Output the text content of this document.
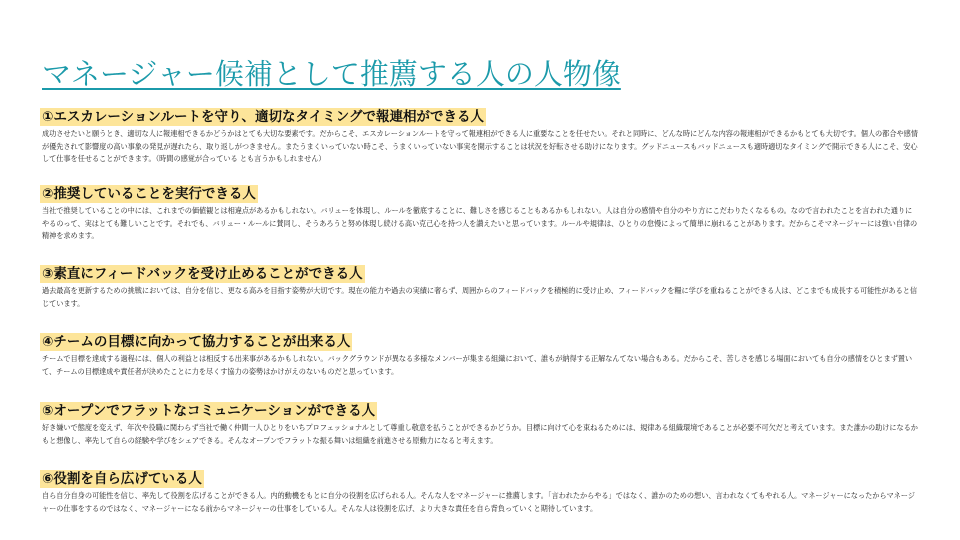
マネージャー候補として推薦する人の人物像
①エスカレーションルートを守り、適切なタイミングで報連相ができる人
成功させたいと願うとき、適切な人に報連相できるかどうかはとても大切な要素です。だからこそ、エスカレーションルートを守って報連相ができる人に重要なことを任せたい。それと同時に、どんな時にどんな内容の報連相ができるかもとても大切です。個人の都合や感情が優先されて影響度の高い事象の発見が遅れたら、取り返しがつきません。またうまくいっていない時こそ、うまくいっていない事実を開示することは状況を好転させる助けになります。グッドニュースもバッドニュースも適時適切なタイミングで開示できる人にこそ、安心して仕事を任せることができます。（時間の感覚が合っている とも言うかもしれません）
②推奨していることを実行できる人
当社で推奨していることの中には、これまでの価値観とは相違点があるかもしれない。バリューを体現し、ルールを徹底することに、難しさを感じることもあるかもしれない。人は自分の感情や自分のやり方にこだわりたくなるもの。なので言われたことを言われた通りにやるのって、実はとても難しいことです。それでも、バリュー・ルールに賛同し、そうあろうと努め体現し続ける高い克己心を持つ人を讃えたいと思っています。ルールや規律は、ひとりの怠慢によって簡単に崩れることがあります。だからこそマネージャーには強い自律の精神を求めます。
③素直にフィードバックを受け止めることができる人
過去最高を更新するための挑戦においては、自分を信じ、更なる高みを目指す姿勢が大切です。現在の能力や過去の実績に奢らず、周囲からのフィードバックを積極的に受け止め、フィードバックを糧に学びを重ねることができる人は、どこまでも成長する可能性があると信じています。
④チームの目標に向かって協力することが出来る人
チームで目標を達成する過程には、個人の利益とは相反する出来事があるかもしれない。バックグラウンドが異なる多様なメンバーが集まる組織において、誰もが納得する正解なんてない場合もある。だからこそ、苦しさを感じる場面においても自分の感情をひとまず置いて、チームの目標達成や責任者が決めたことに力を尽くす協力の姿勢はかけがえのないものだと思っています。
⑤オープンでフラットなコミュニケーションができる人
好き嫌いで態度を変えず、年次や役職に関わらず当社で働く仲間一人ひとりをいちプロフェッショナルとして尊重し敬意を払うことができるかどうか。目標に向けて心を束ねるためには、規律ある組織環境であることが必要不可欠だと考えています。また誰かの助けになるかもと想像し、率先して自らの経験や学びをシェアできる。そんなオープンでフラットな振る舞いは組織を前進させる原動力になると考えます。
⑥役割を自ら広げている人
自ら自分自身の可能性を信じ、率先して役割を広げることができる人。内的動機をもとに自分の役割を広げられる人。そんな人をマネージャーに推薦します。「言われたからやる」ではなく、誰かのための想い、言われなくてもやれる人。マネージャーになったからマネージャーの仕事をするのではなく、マネージャーになる前からマネージャーの仕事をしている人。そんな人は役割を広げ、より大きな責任を自ら背負っていくと期待しています。
